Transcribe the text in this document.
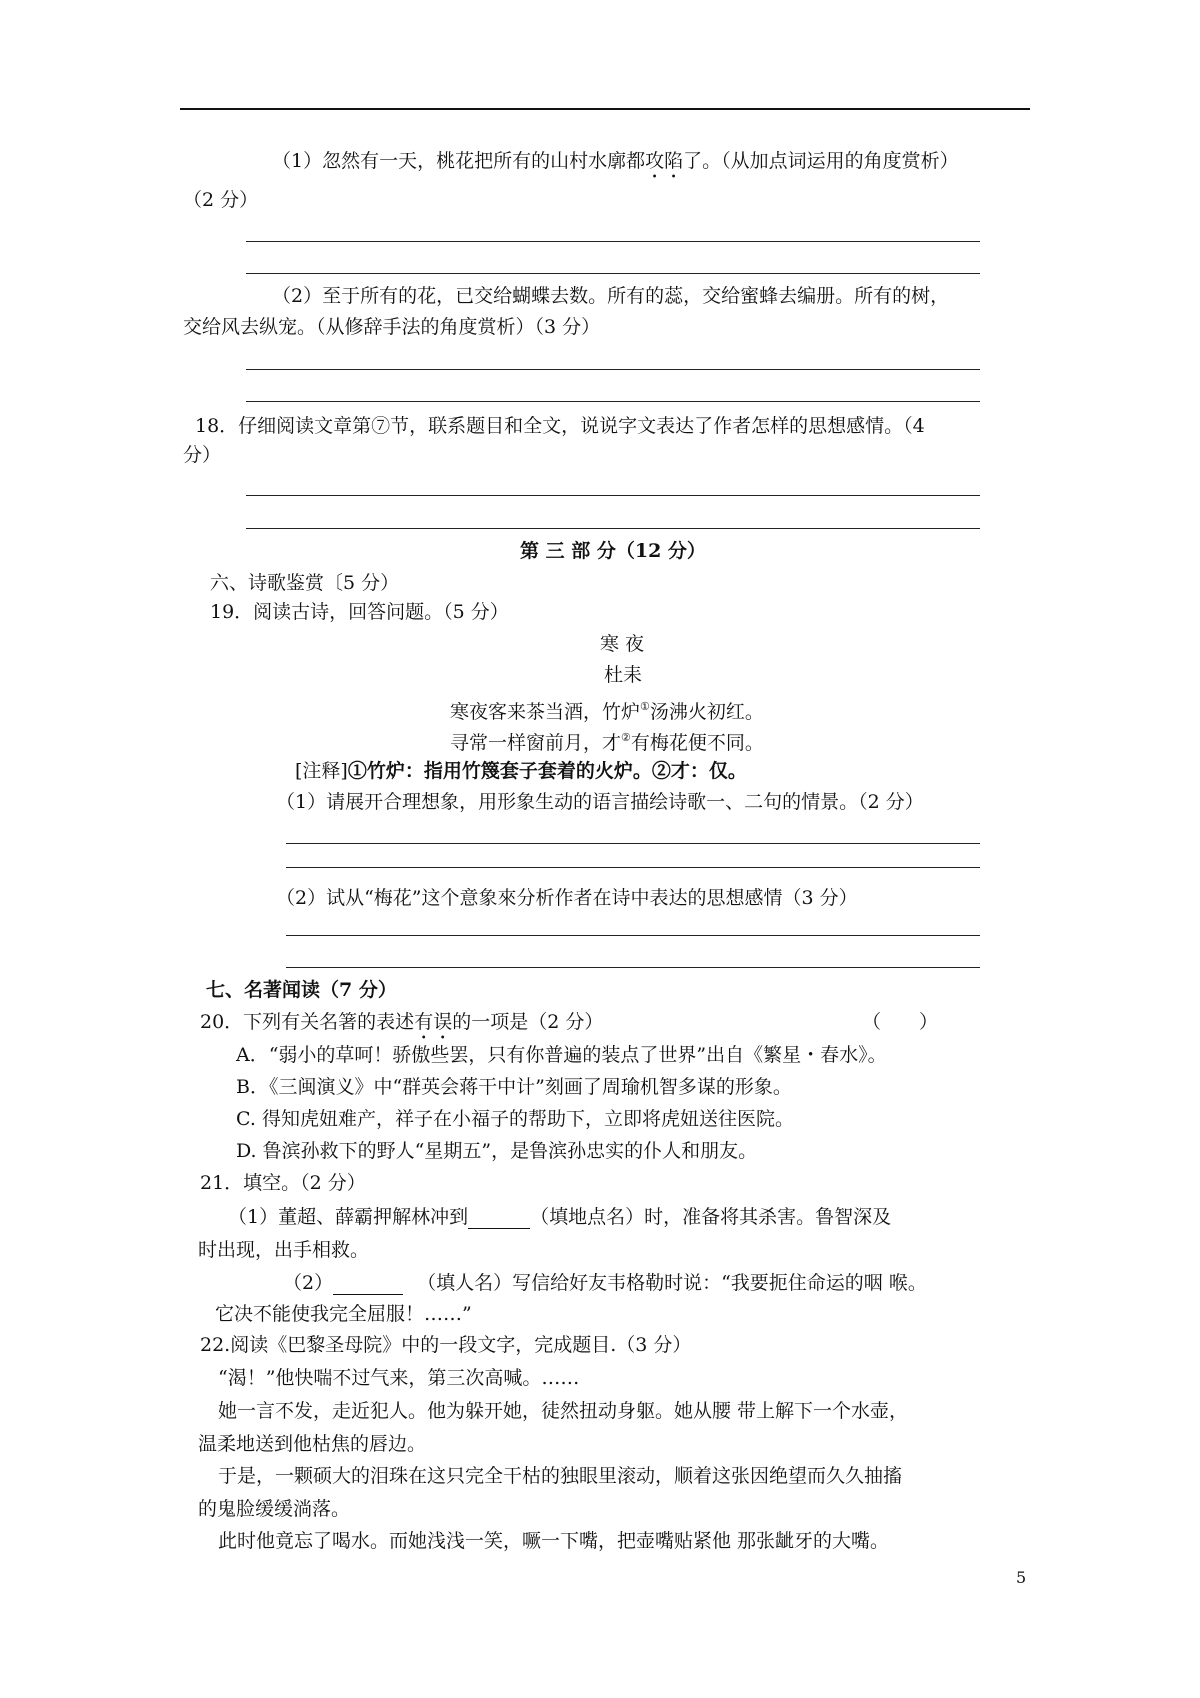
（1）忽然有一天，桃花把所有的山村水廓都攻陷了。（从加点词运用的角度赏析）
（2 分）
（2）至于所有的花，已交给蝴蝶去数。所有的蕊，交给蜜蜂去编册。所有的树，
交给风去纵宠。（从修辞手法的角度赏析）（3 分）
18．仔细阅读文章第⑦节，联系题目和全文，说说字文表达了作者怎样的思想感情。（4
分）
第 三 部 分（12 分）
六、诗歌鉴赏〔5 分）
19．阅读古诗，回答问题。（5 分）
寒 夜
杜耒
寒夜客来茶当酒，竹炉①汤沸火初红。
寻常一样窗前月，才②有梅花便不同。
[注释]①竹炉：指用竹篾套子套着的火炉。②才：仅。
（1）请展开合理想象，用形象生动的语言描绘诗歌一、二句的情景。（2 分）
（2）试从“梅花”这个意象來分析作者在诗中表达的思想感情（3 分）
七、名著闻读（7 分）
20．下列有关名箸的表述有误的一项是（2 分）	（　　）
A．“弱小的草呵！骄傲些罢，只有你普遍的装点了世界”出自《繁星・春水》。
B．《三闽演义》中“群英会蒋干中计”刻画了周瑜机智多谋的形象。
C. 得知虎妞难产，祥子在小福子的帮助下，立即将虎妞送往医院。
D. 鲁滨孙救下的野人“星期五”，是鲁滨孙忠实的仆人和朋友。
21．填空。（2 分）
（1）董超、薛霸押解林冲到	（填地点名）时，准备将其杀害。鲁智深及
时出现，出手相救。
（2）	（填人名）写信给好友韦格勒时说：“我要扼住命运的咽 喉。
它决不能使我完全屈服！……”
22.阅读《巴黎圣母院》中的一段文字，完成题目.（3 分）
“渴！”他快喘不过气来，第三次高喊。……
她一言不发，走近犯人。他为躲开她，徒然扭动身躯。她从腰 带上解下一个水壶，
温柔地送到他枯焦的唇边。
于是，一颗硕大的泪珠在这只完全干枯的独眼里滚动，顺着这张因绝望而久久抽搐
的鬼脸缓缓淌落。
此时他竟忘了喝水。而她浅浅一笑，噘一下嘴，把壶嘴贴紧他 那张龇牙的大嘴。
5
